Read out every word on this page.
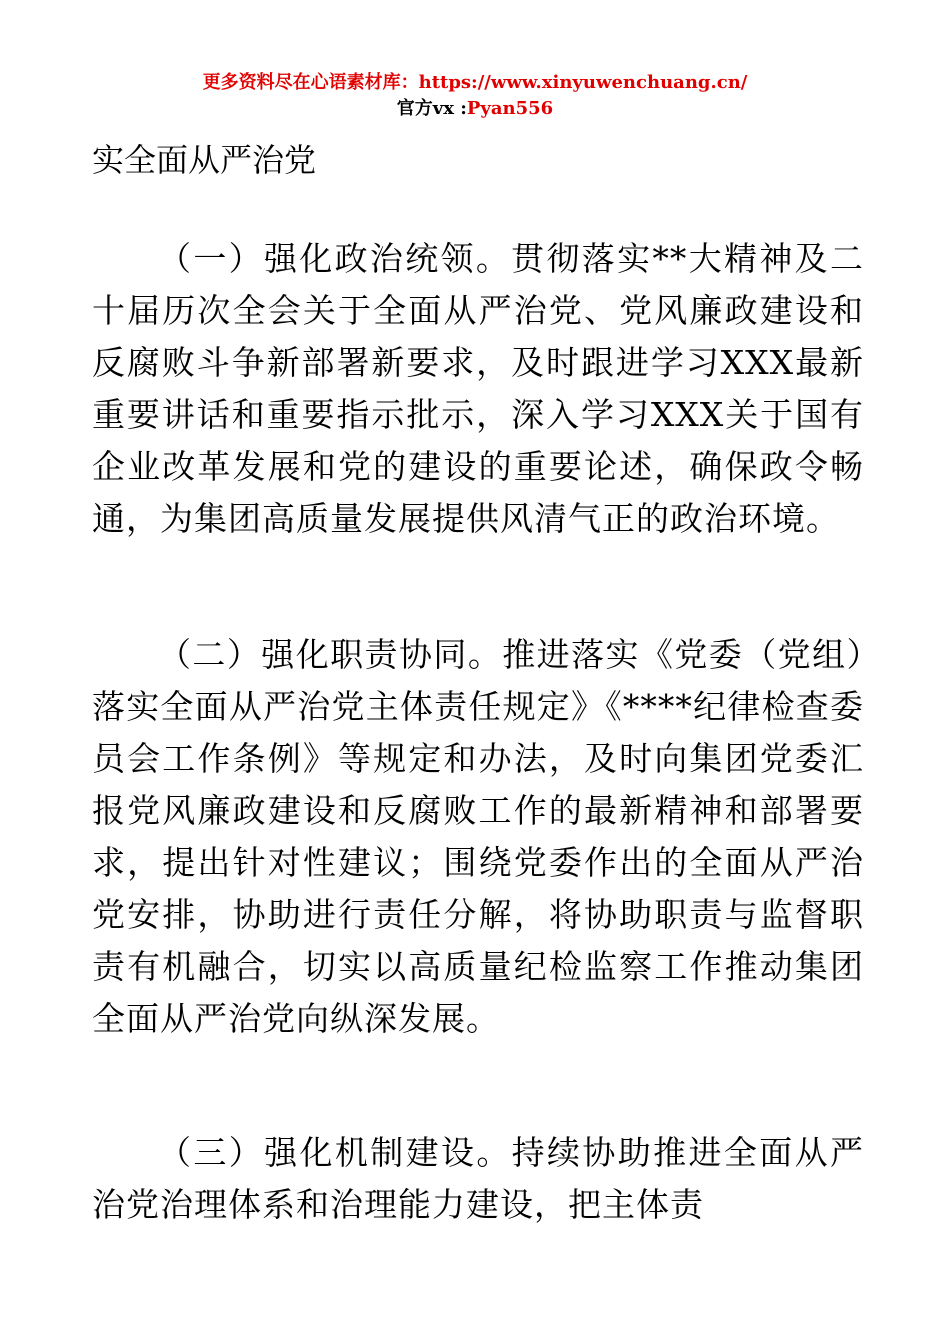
更多资料尽在心语素材库：https://www.xinyuwenchuang.cn/
官方vx :Pyan556
实全面从严治党

（一）强化政治统领。贯彻落实**大精神及二十届历次全会关于全面从严治党、党风廉政建设和反腐败斗争新部署新要求，及时跟进学习XXX最新重要讲话和重要指示批示，深入学习XXX关于国有企业改革发展和党的建设的重要论述，确保政令畅通，为集团高质量发展提供风清气正的政治环境。

（二）强化职责协同。推进落实《党委（党组）落实全面从严治党主体责任规定》《****纪律检查委员会工作条例》等规定和办法，及时向集团党委汇报党风廉政建设和反腐败工作的最新精神和部署要求，提出针对性建议；围绕党委作出的全面从严治党安排，协助进行责任分解，将协助职责与监督职责有机融合，切实以高质量纪检监察工作推动集团全面从严治党向纵深发展。

（三）强化机制建设。持续协助推进全面从严治党治理体系和治理能力建设，把主体责
